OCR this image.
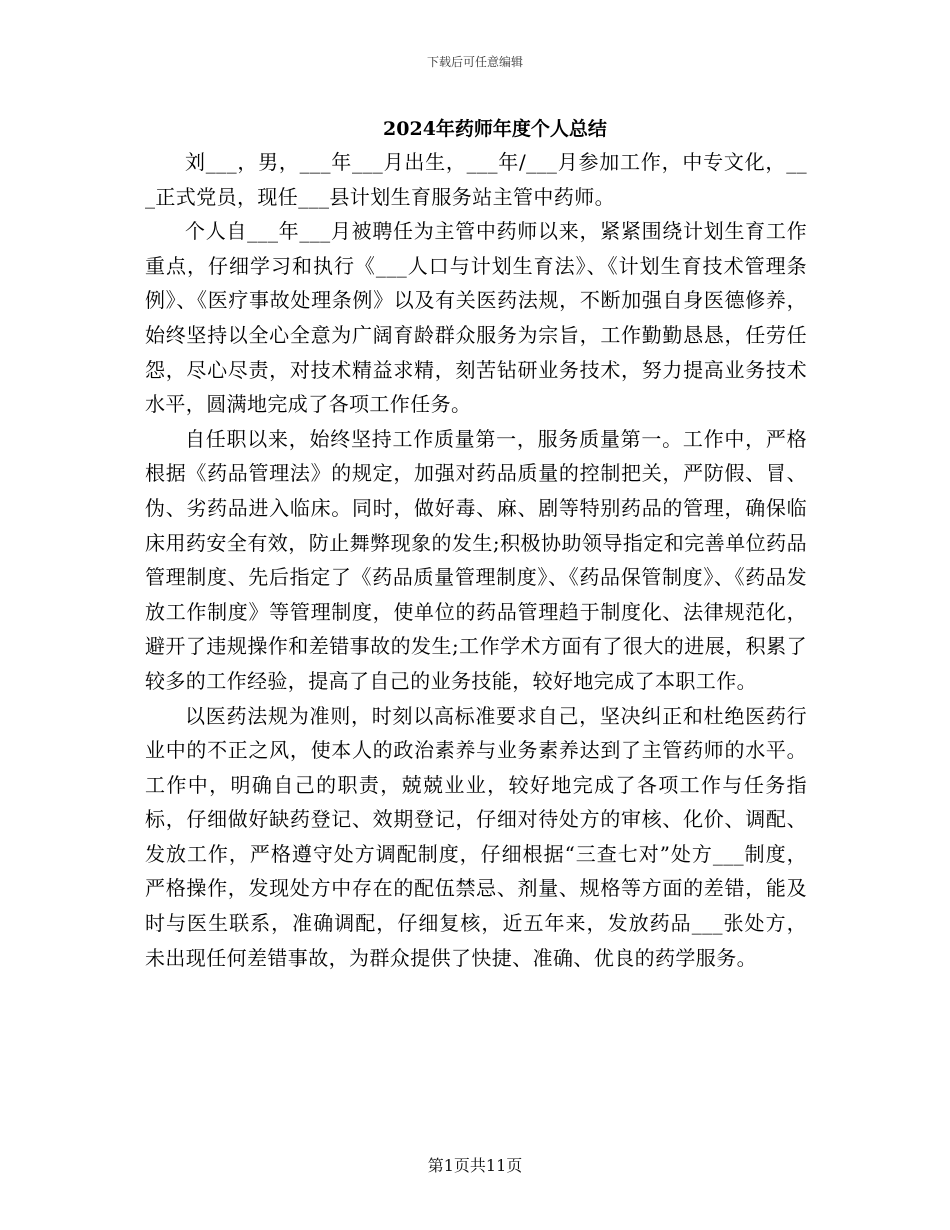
下载后可任意编辑
2024年药师年度个人总结

刘___，男，___年___月出生，___年/___月参加工作，中专文化，___正式党员，现任___县计划生育服务站主管中药师。

个人自___年___月被聘任为主管中药师以来，紧紧围绕计划生育工作重点，仔细学习和执行《___人口与计划生育法》、《计划生育技术管理条例》、《医疗事故处理条例》以及有关医药法规，不断加强自身医德修养，始终坚持以全心全意为广阔育龄群众服务为宗旨，工作勤勤恳恳，任劳任怨，尽心尽责，对技术精益求精，刻苦钻研业务技术，努力提高业务技术水平，圆满地完成了各项工作任务。

自任职以来，始终坚持工作质量第一，服务质量第一。工作中，严格根据《药品管理法》的规定，加强对药品质量的控制把关，严防假、冒、伪、劣药品进入临床。同时，做好毒、麻、剧等特别药品的管理，确保临床用药安全有效，防止舞弊现象的发生;积极协助领导指定和完善单位药品管理制度、先后指定了《药品质量管理制度》、《药品保管制度》、《药品发放工作制度》等管理制度，使单位的药品管理趋于制度化、法律规范化，避开了违规操作和差错事故的发生;工作学术方面有了很大的进展，积累了较多的工作经验，提高了自己的业务技能，较好地完成了本职工作。

以医药法规为准则，时刻以高标准要求自己，坚决纠正和杜绝医药行业中的不正之风，使本人的政治素养与业务素养达到了主管药师的水平。工作中，明确自己的职责，兢兢业业，较好地完成了各项工作与任务指标，仔细做好缺药登记、效期登记，仔细对待处方的审核、化价、调配、发放工作，严格遵守处方调配制度，仔细根据“三查七对”处方___制度，严格操作，发现处方中存在的配伍禁忌、剂量、规格等方面的差错，能及时与医生联系，准确调配，仔细复核，近五年来，发放药品___张处方，未出现任何差错事故，为群众提供了快捷、准确、优良的药学服务。

第1页共11页
